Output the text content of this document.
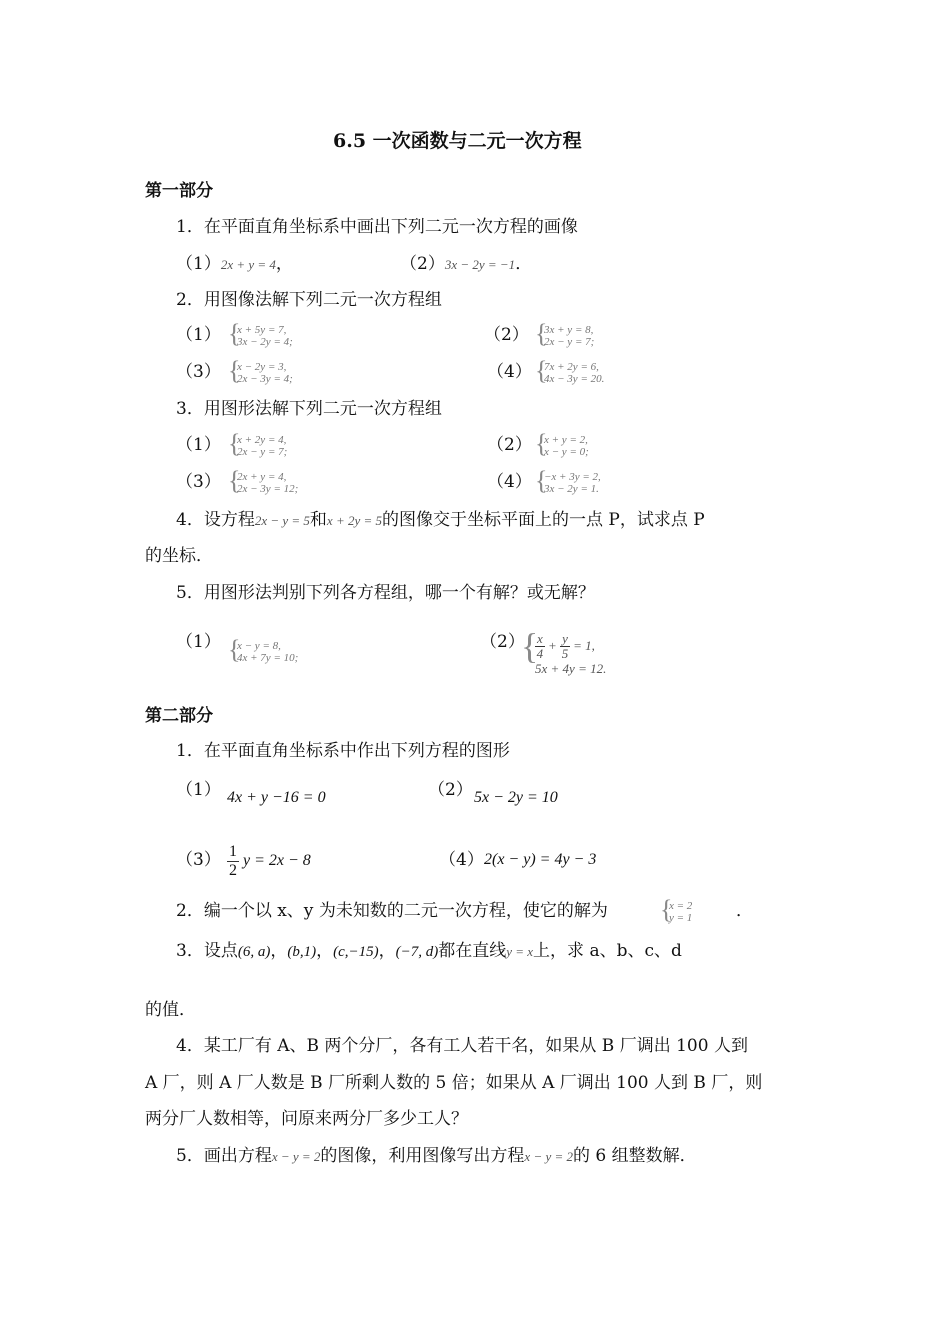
6.5 一次函数与二元一次方程
第一部分
1．在平面直角坐标系中画出下列二元一次方程的画像
（1）2x + y = 4，	（2）3x − 2y = −1．
2．用图像法解下列二元一次方程组
（1） {
x + 5y = 7,
3x − 2y = 4;	（2） {
3x + y = 8,
2x − y = 7;
（3） {
x − 2y = 3,
2x − 3y = 4;	（4） {
7x + 2y = 6,
4x − 3y = 20.
3．用图形法解下列二元一次方程组
（1） {
x + 2y = 4,
2x − y = 7;	（2） {
x + y = 2,
x − y = 0;
（3） {
2x + y = 4,
2x − 3y = 12;	（4） {
−x + 3y = 2,
3x − 2y = 1.
4．设方程2x − y = 5和x + 2y = 5的图像交于坐标平面上的一点 P，试求点 P
的坐标．
5．用图形法判别下列各方程组，哪一个有解？或无解？
（1） {
x − y = 8,
4x + 7y = 10;
（2）
{
$\frac{x}{4} + \frac{y}{5} = 1$,
5x + 4y = 12.
第二部分
1．在平面直角坐标系中作出下列方程的图形
（1） 4x + y −16 = 0	（2） 5x − 2y = 10
$(3) \frac{1}{2}$ y = 2x − 8	（4） 2(x − y) = 4y − 3
2．编一个以 x、y 为未知数的二元一次方程，使它的解为 {
x = 2
y = 1	．
3．设点(6, a)，(b,1)，(c,−15)，(−7, d)都在直线y = x上，求 a、b、c、d
的值．
4．某工厂有 A、B 两个分厂，各有工人若干名，如果从 B 厂调出 100 人到
A 厂，则 A 厂人数是 B 厂所剩人数的 5 倍；如果从 A 厂调出 100 人到 B 厂，则
两分厂人数相等，问原来两分厂多少工人？
5．画出方程x − y = 2的图像，利用图像写出方程x − y = 2的 6 组整数解．
